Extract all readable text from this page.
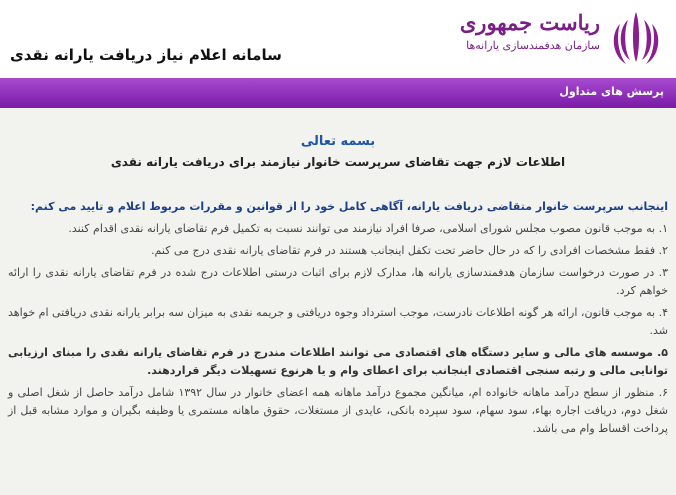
ریاست جمهوری
سازمان هدفمندسازی یارانه‌ها
سامانه اعلام نیاز دریافت یارانه نقدی
پرسش های متداول
بسمه تعالی
اطلاعات لازم جهت تقاضای سرپرست خانوار نیازمند برای دریافت یارانه نقدی
اینجانب سرپرست خانوار متقاضی دریافت یارانه، آگاهی کامل خود را از قوانین و مقررات مربوط اعلام و تایید می کنم:
۱. به موجب قانون مصوب مجلس شورای اسلامی، صرفا افراد نیازمند می توانند نسبت به تکمیل فرم تقاضای یارانه نقدی اقدام کنند.
۲. فقط مشخصات افرادی را که در حال حاضر تحت تکفل اینجانب هستند در فرم تقاضای یارانه نقدی درج می کنم.
۳. در صورت درخواست سازمان هدفمندسازی یارانه ها، مدارک لازم برای اثبات درستی اطلاعات درج شده در فرم تقاضای یارانه نقدی را ارائه خواهم کرد.
۴. به موجب قانون، ارائه هر گونه اطلاعات نادرست، موجب استرداد وجوه دریافتی و جریمه نقدی به میزان سه برابر یارانه نقدی دریافتی ام خواهد شد.
۵. موسسه های مالی و سایر دستگاه های اقتصادی می توانند اطلاعات مندرج در فرم تقاضای یارانه نقدی را مبنای ارزیابی توانایی مالی و رتبه سنجی اقتصادی اینجانب برای اعطای وام و یا هرنوع تسهیلات دیگر قراردهند.
۶. منظور از سطح درآمد ماهانه خانواده ام، میانگین مجموع درآمد ماهانه همه اعضای خانوار در سال ۱۳۹۲ شامل درآمد حاصل از شغل اصلی و شغل دوم، دریافت اجاره بهاء، سود سهام، سود سپرده بانکی، عایدی از مستغلات، حقوق ماهانه مستمری یا وظیفه بگیران و موارد مشابه قبل از پرداخت اقساط وام می باشد.
